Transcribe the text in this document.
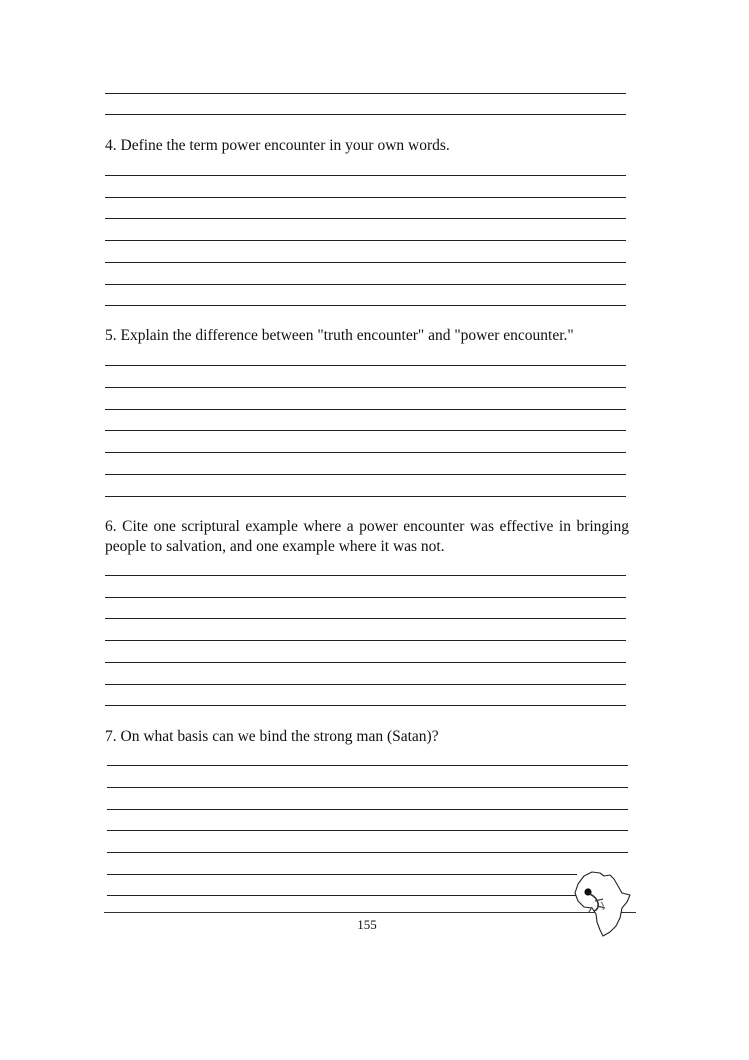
4. Define the term power encounter in your own words.
5. Explain the difference between "truth encounter" and "power encounter."
6. Cite one scriptural example where a power encounter was effective in bringing people to salvation, and one example where it was not.
7. On what basis can we bind the strong man (Satan)?
155
